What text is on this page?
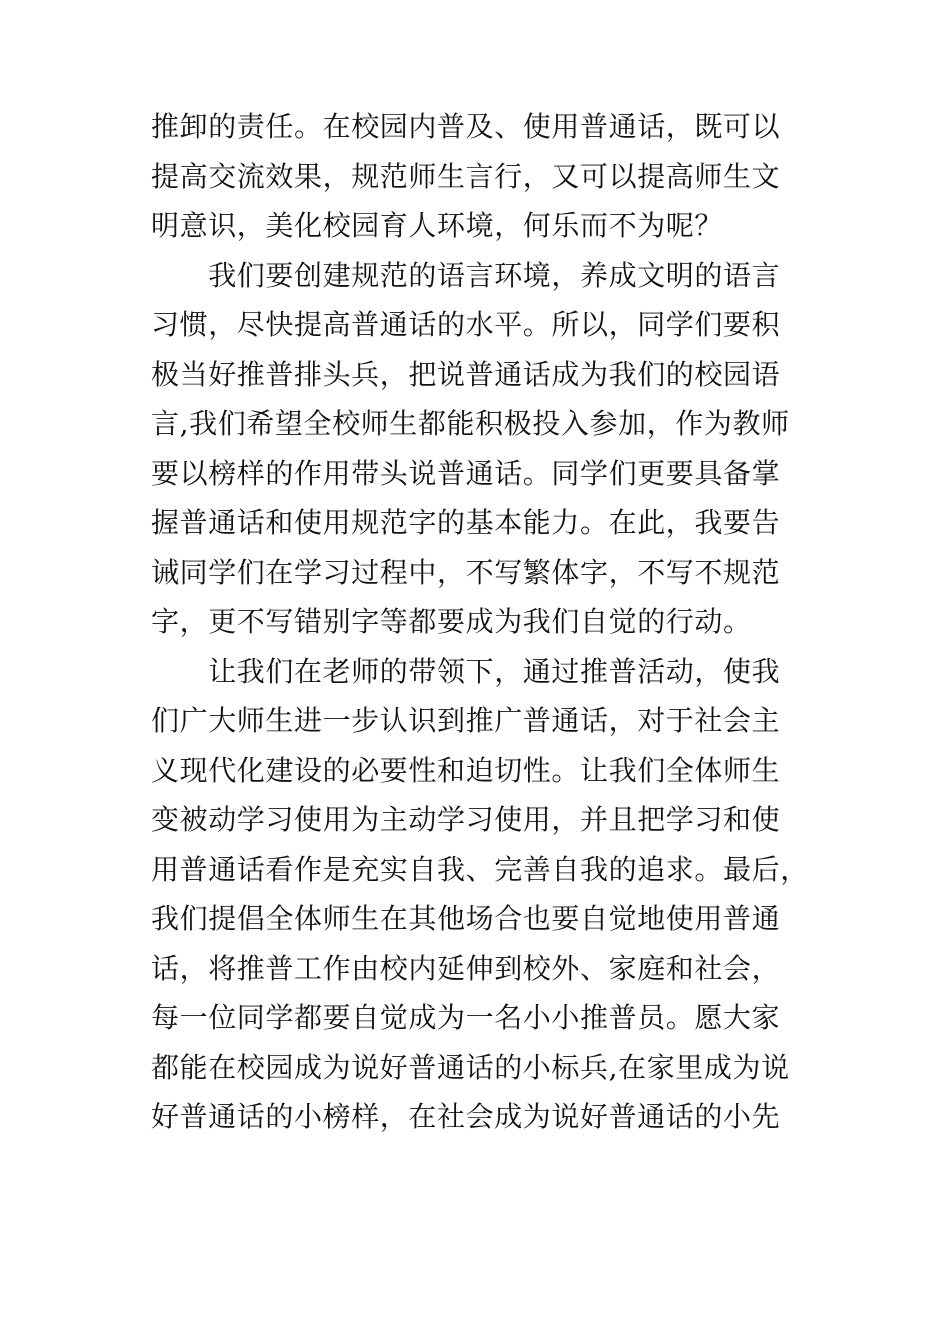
推卸的责任。在校园内普及、使用普通话，既可以
提高交流效果，规范师生言行，又可以提高师生文
明意识，美化校园育人环境，何乐而不为呢？
　　我们要创建规范的语言环境，养成文明的语言
习惯，尽快提高普通话的水平。所以，同学们要积
极当好推普排头兵，把说普通话成为我们的校园语
言,我们希望全校师生都能积极投入参加，作为教师
要以榜样的作用带头说普通话。同学们更要具备掌
握普通话和使用规范字的基本能力。在此，我要告
诫同学们在学习过程中，不写繁体字，不写不规范
字，更不写错别字等都要成为我们自觉的行动。
　　让我们在老师的带领下，通过推普活动，使我
们广大师生进一步认识到推广普通话，对于社会主
义现代化建设的必要性和迫切性。让我们全体师生
变被动学习使用为主动学习使用，并且把学习和使
用普通话看作是充实自我、完善自我的追求。最后，
我们提倡全体师生在其他场合也要自觉地使用普通
话，将推普工作由校内延伸到校外、家庭和社会，
每一位同学都要自觉成为一名小小推普员。愿大家
都能在校园成为说好普通话的小标兵,在家里成为说
好普通话的小榜样，在社会成为说好普通话的小先
